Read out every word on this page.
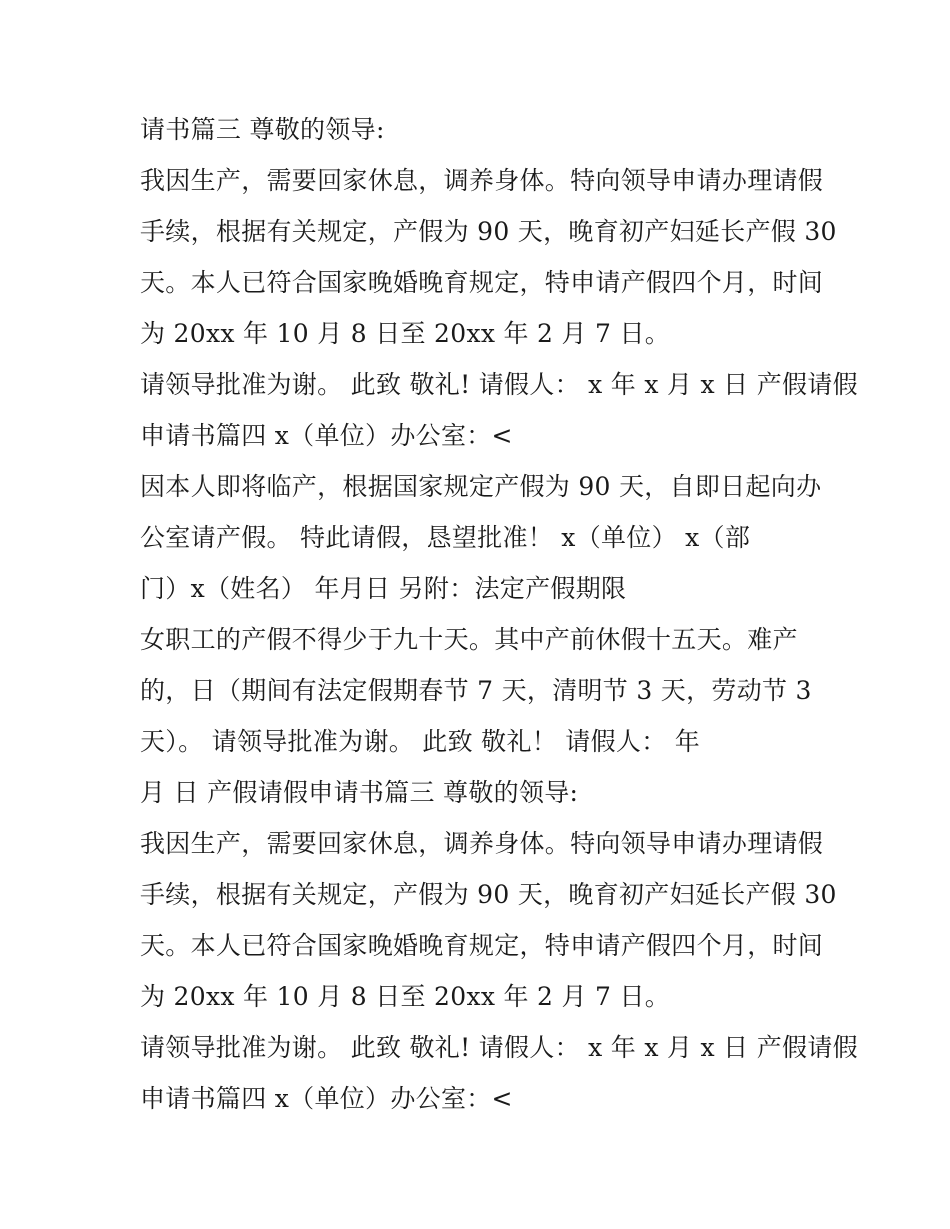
请书篇三 尊敬的领导:
我因生产，需要回家休息，调养身体。特向领导申请办理请假
手续，根据有关规定，产假为 90 天，晚育初产妇延长产假 30
天。本人已符合国家晚婚晚育规定，特申请产假四个月，时间
为 20xx 年 10 月 8 日至 20xx 年 2 月 7 日。
请领导批准为谢。 此致 敬礼! 请假人： x 年 x 月 x 日 产假请假
申请书篇四 x（单位）办公室：<
因本人即将临产，根据国家规定产假为 90 天，自即日起向办
公室请产假。 特此请假，恳望批准！ x（单位） x（部
门）x（姓名） 年月日 另附：法定产假期限
女职工的产假不得少于九十天。其中产前休假十五天。难产
的，日（期间有法定假期春节 7 天，清明节 3 天，劳动节 3
天）。 请领导批准为谢。 此致 敬礼！ 请假人： 年
月 日 产假请假申请书篇三 尊敬的领导:
我因生产，需要回家休息，调养身体。特向领导申请办理请假
手续，根据有关规定，产假为 90 天，晚育初产妇延长产假 30
天。本人已符合国家晚婚晚育规定，特申请产假四个月，时间
为 20xx 年 10 月 8 日至 20xx 年 2 月 7 日。
请领导批准为谢。 此致 敬礼! 请假人： x 年 x 月 x 日 产假请假
申请书篇四 x（单位）办公室：<
